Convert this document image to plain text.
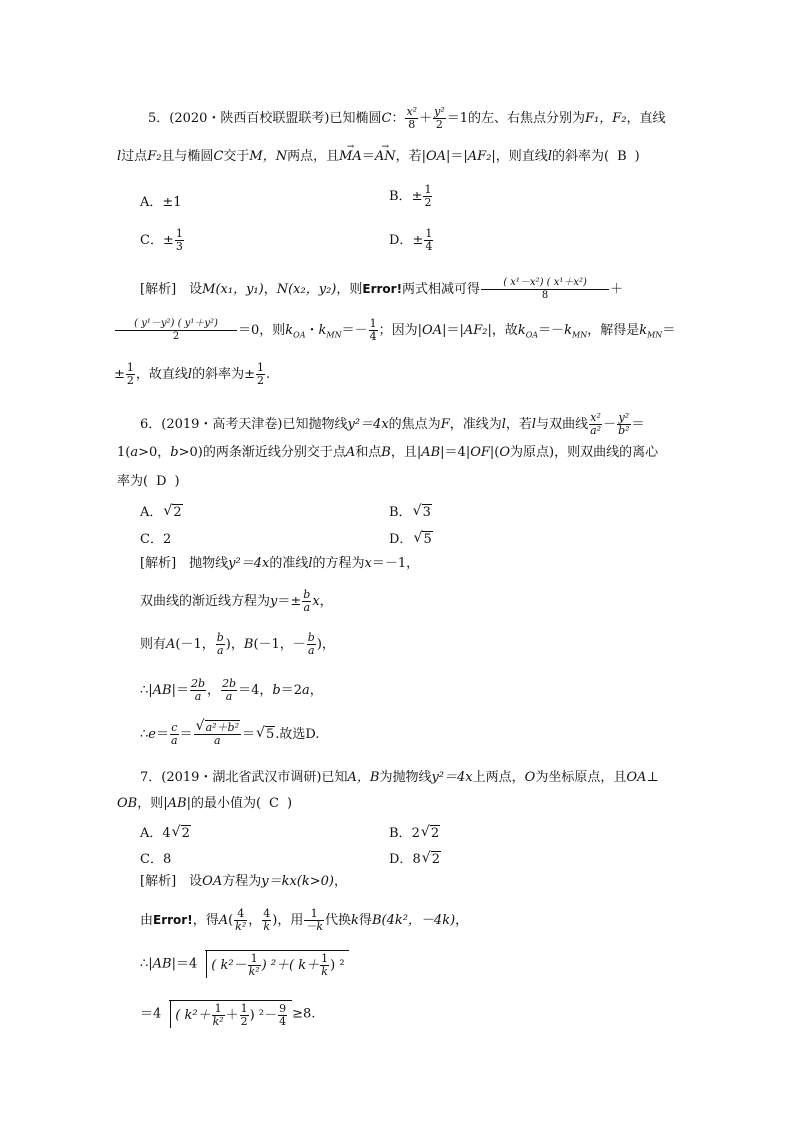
5．(2020・陕西百校联盟联考)已知椭圆C： $\frac{\text{x²}}{8} + \frac{\text{y²}}{2} =1$的左、右焦点分别为F₁，F₂，直线
l过点F₂且与椭圆C交于M，N两点，且→ MA＝→ AN，若|OA|＝|AF₂|，则直线l的斜率为( B )
A．±1	B．± $\frac{1}{2}$
C．± $\frac{1}{3}$	D．± $\frac{1}{4}$
[解析]　设M(x₁，y₁)，N(x₂，y₂)，则Error!两式相减可得 $\frac{\text{( x¹－x²) ( x¹＋x²)}}{8}$ ＋
$\frac{\text{( y¹－y²) ( y¹＋y²)}}{2} =0$，则$k_{OA}$・$k_{MN}=- \frac{1}{4}$ ；因为|OA|＝|AF₂|，故$k_{OA}=-k_{MN}$，解得是$k_{MN}=$
± $\frac{1}{2}$ ，故直线l的斜率为± $\frac{1}{2}$ .
6．(2019・高考天津卷)已知抛物线y²＝4x的焦点为F，准线为l，若l与双曲线 $\frac{\text{x²}}{\text{a²}} - \frac{\text{y²}}{\text{b²}}$ ＝
1(a>0，b>0)的两条渐近线分别交于点A和点B，且|AB|＝4|OF|(O为原点)，则双曲线的离心
率为( D )
A． √ 2	B． √ 3
C．2	D． √ 5
[解析]　抛物线y²＝4x的准线l的方程为x＝－1，
双曲线的渐近线方程为$y=\pm \frac{b}{a}$ x，
则有A(－1， $\frac{b}{a}$ )，B(－1，－ $\frac{b}{a}$ )，
∴|AB|＝ $\frac{2b}{a}$ ， $\frac{2b}{a} =4$，b＝2a，
∴e＝ $\frac{c}{a}$ ＝ √ $\frac{\text{a²＋b²}}{a}$ ＝ √ 5.故选D.
7．(2019・湖北省武汉市调研)已知A，B为抛物线y²＝4x上两点，O为坐标原点，且OA⊥
OB，则|AB|的最小值为( C )
A．4 √ 2	B．2 √ 2
C．8	D．8 √ 2
[解析]　设OA方程为y＝kx(k>0)，
由Error!，得$A( \frac{4}{\text{k²}}$ ， $\frac{4}{k}$ )，用 $\frac{1}{-k}$ 代换k得B(4k²，－4k)，
∴|AB|＝4 ( $k^2- \frac{1}{\text{k²}}$ ) ²＋( $k+ \frac{1}{k}$ ) ²
＝4 ( $k^2+ \frac{1}{\text{k²}} + \frac{1}{2}$ ) $^2- \frac{9}{4} \ge 8$.
